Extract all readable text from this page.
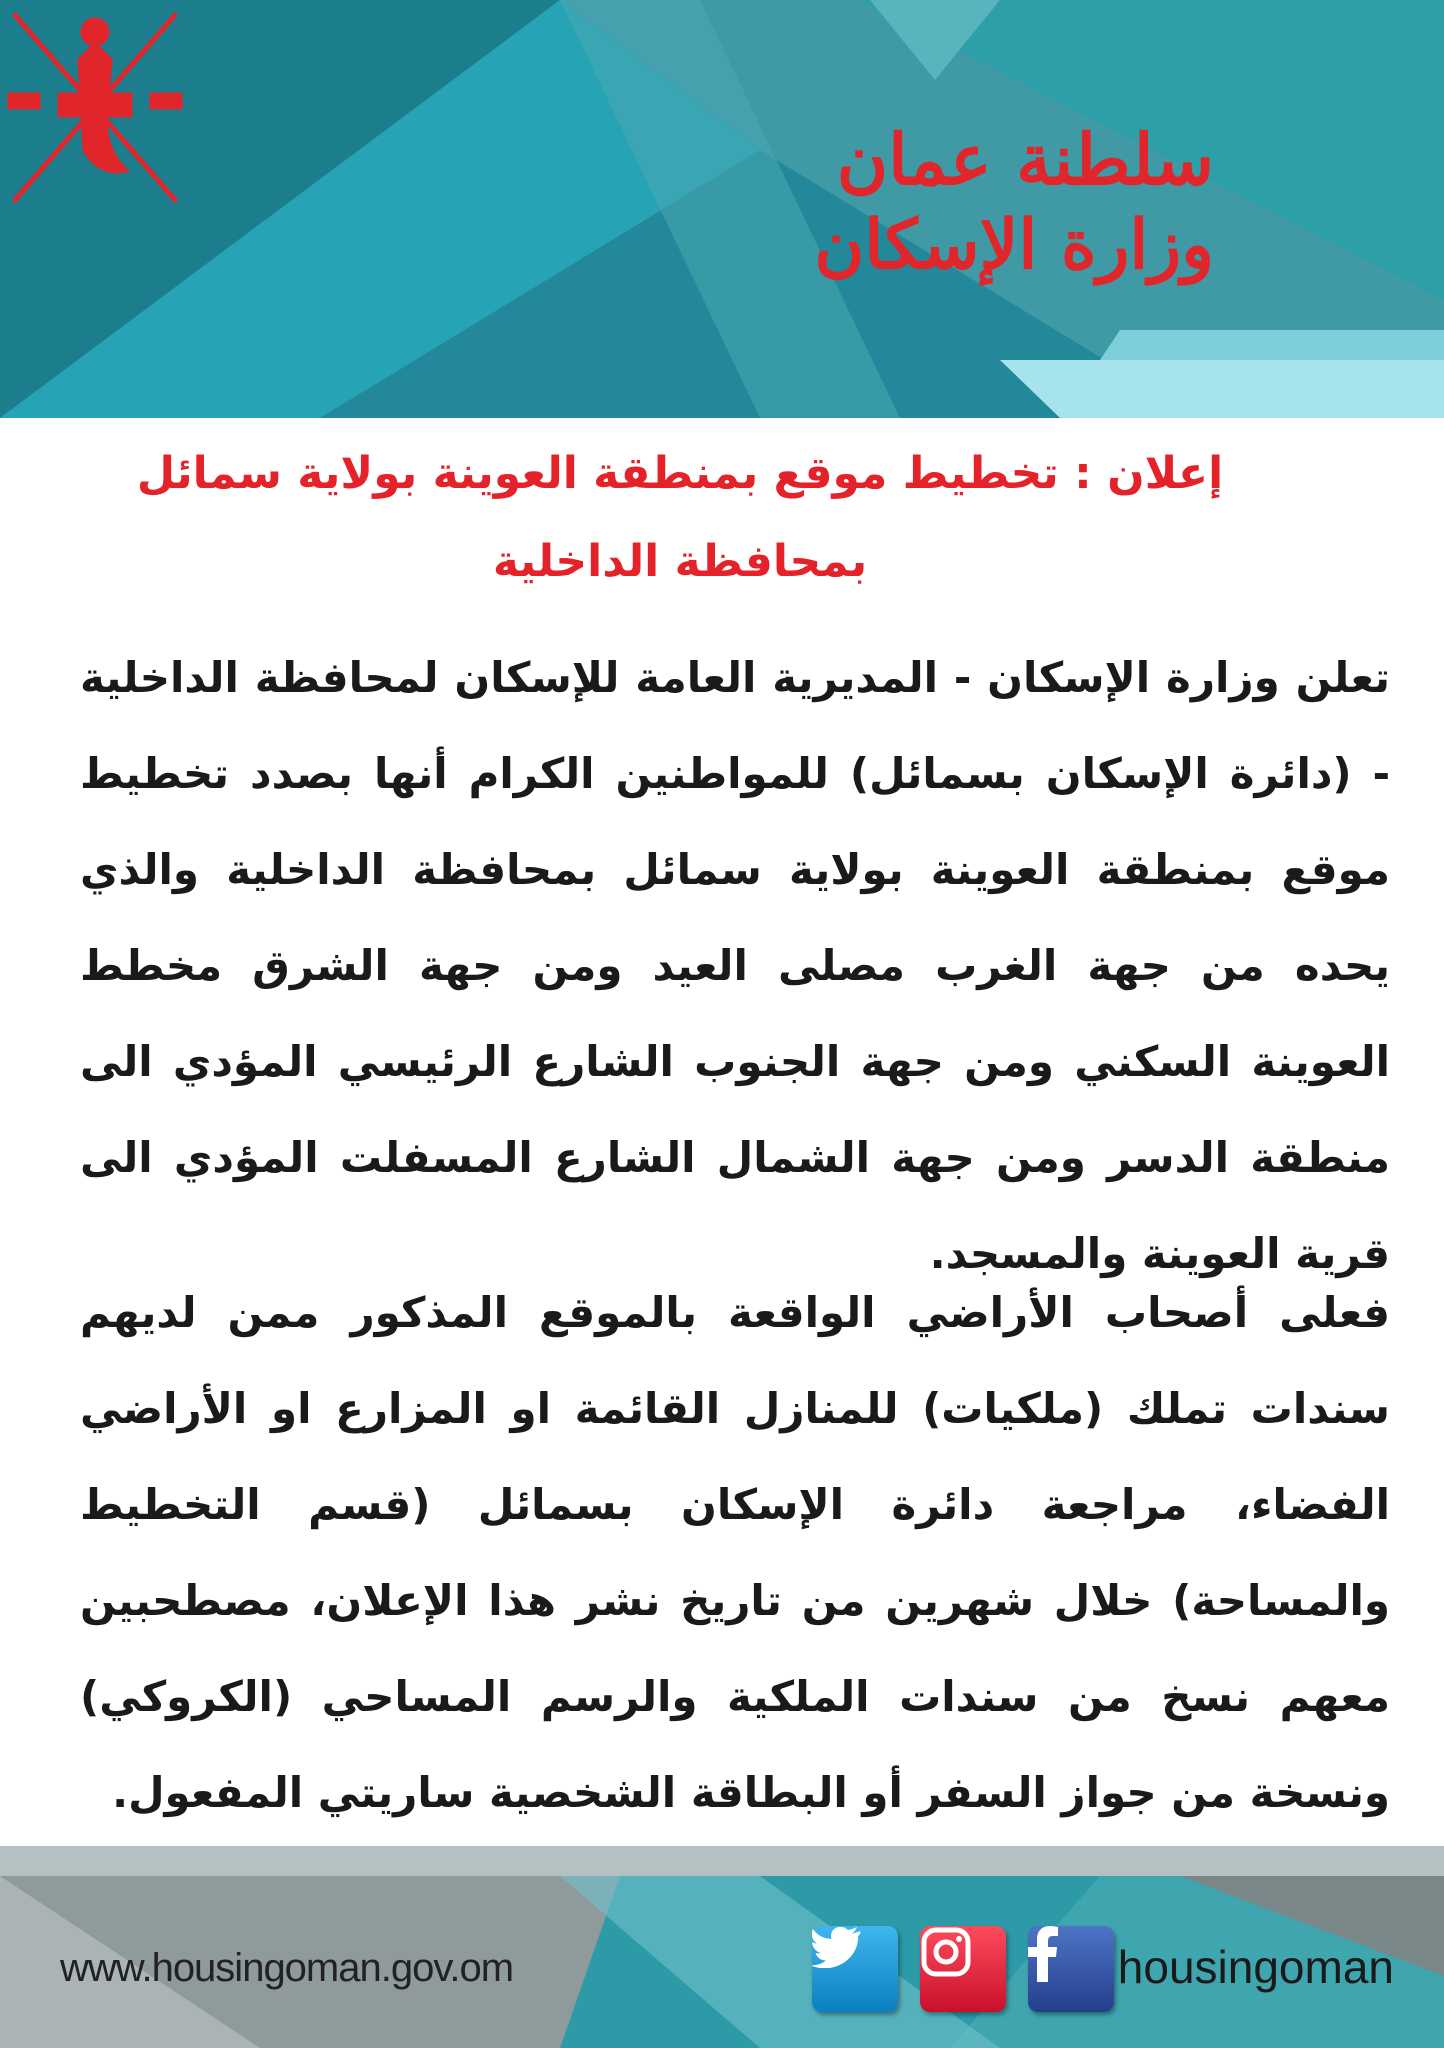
سلطنة عمان
وزارة الإسكان
إعلان : تخطيط موقع بمنطقة العوينة بولاية سمائل بمحافظة الداخلية
تعلن وزارة الإسكان - المديرية العامة للإسكان لمحافظة الداخلية - (دائرة الإسكان بسمائل) للمواطنين الكرام أنها بصدد تخطيط موقع بمنطقة العوينة بولاية سمائل بمحافظة الداخلية والذي يحده من جهة الغرب مصلى العيد ومن جهة الشرق مخطط العوينة السكني ومن جهة الجنوب الشارع الرئيسي المؤدي الى منطقة الدسر ومن جهة الشمال الشارع المسفلت المؤدي الى قرية العوينة والمسجد.
فعلى أصحاب الأراضي الواقعة بالموقع المذكور ممن لديهم سندات تملك (ملكيات) للمنازل القائمة او المزارع او الأراضي الفضاء، مراجعة دائرة الإسكان بسمائل (قسم التخطيط والمساحة) خلال شهرين من تاريخ نشر هذا الإعلان، مصطحبين معهم نسخ من سندات الملكية والرسم المساحي (الكروكي) ونسخة من جواز السفر أو البطاقة الشخصية ساريتي المفعول.
www.housingoman.gov.om	housingoman
